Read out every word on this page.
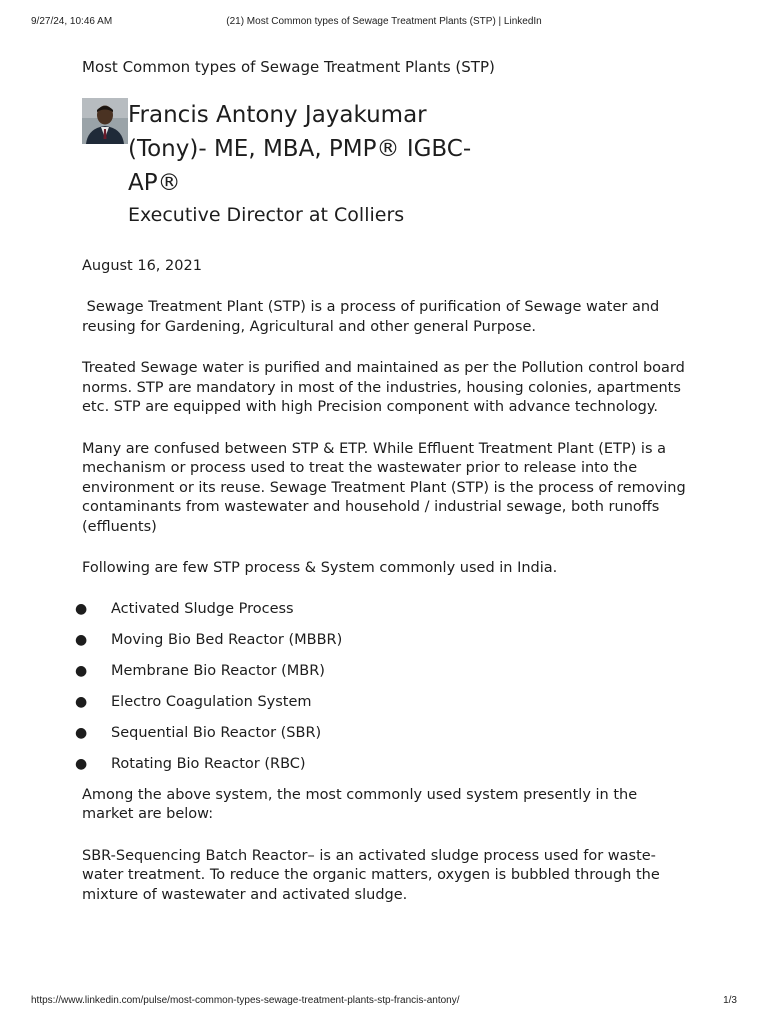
9/27/24, 10:46 AM	(21) Most Common types of Sewage Treatment Plants (STP) | LinkedIn
Most Common types of Sewage Treatment Plants (STP)

Francis Antony Jayakumar

(Tony)- ME, MBA, PMP® IGBC-

AP®

Executive Director at Colliers

August 16, 2021

Sewage Treatment Plant (STP) is a process of purification of Sewage water and reusing for Gardening, Agricultural and other general Purpose.

Treated Sewage water is purified and maintained as per the Pollution control board norms. STP are mandatory in most of the industries, housing colonies, apartments etc. STP are equipped with high Precision component with advance technology.

Many are confused between STP & ETP. While Effluent Treatment Plant (ETP) is a mechanism or process used to treat the wastewater prior to release into the environment or its reuse. Sewage Treatment Plant (STP) is the process of removing contaminants from wastewater and household / industrial sewage, both runoffs (effluents)

Following are few STP process & System commonly used in India.

● Activated Sludge Process
● Moving Bio Bed Reactor (MBBR)
● Membrane Bio Reactor (MBR)
● Electro Coagulation System
● Sequential Bio Reactor (SBR)
● Rotating Bio Reactor (RBC)

Among the above system, the most commonly used system presently in the market are below:

SBR-Sequencing Batch Reactor– is an activated sludge process used for waste-water treatment. To reduce the organic matters, oxygen is bubbled through the mixture of wastewater and activated sludge.

https://www.linkedin.com/pulse/most-common-types-sewage-treatment-plants-stp-francis-antony/	1/3
